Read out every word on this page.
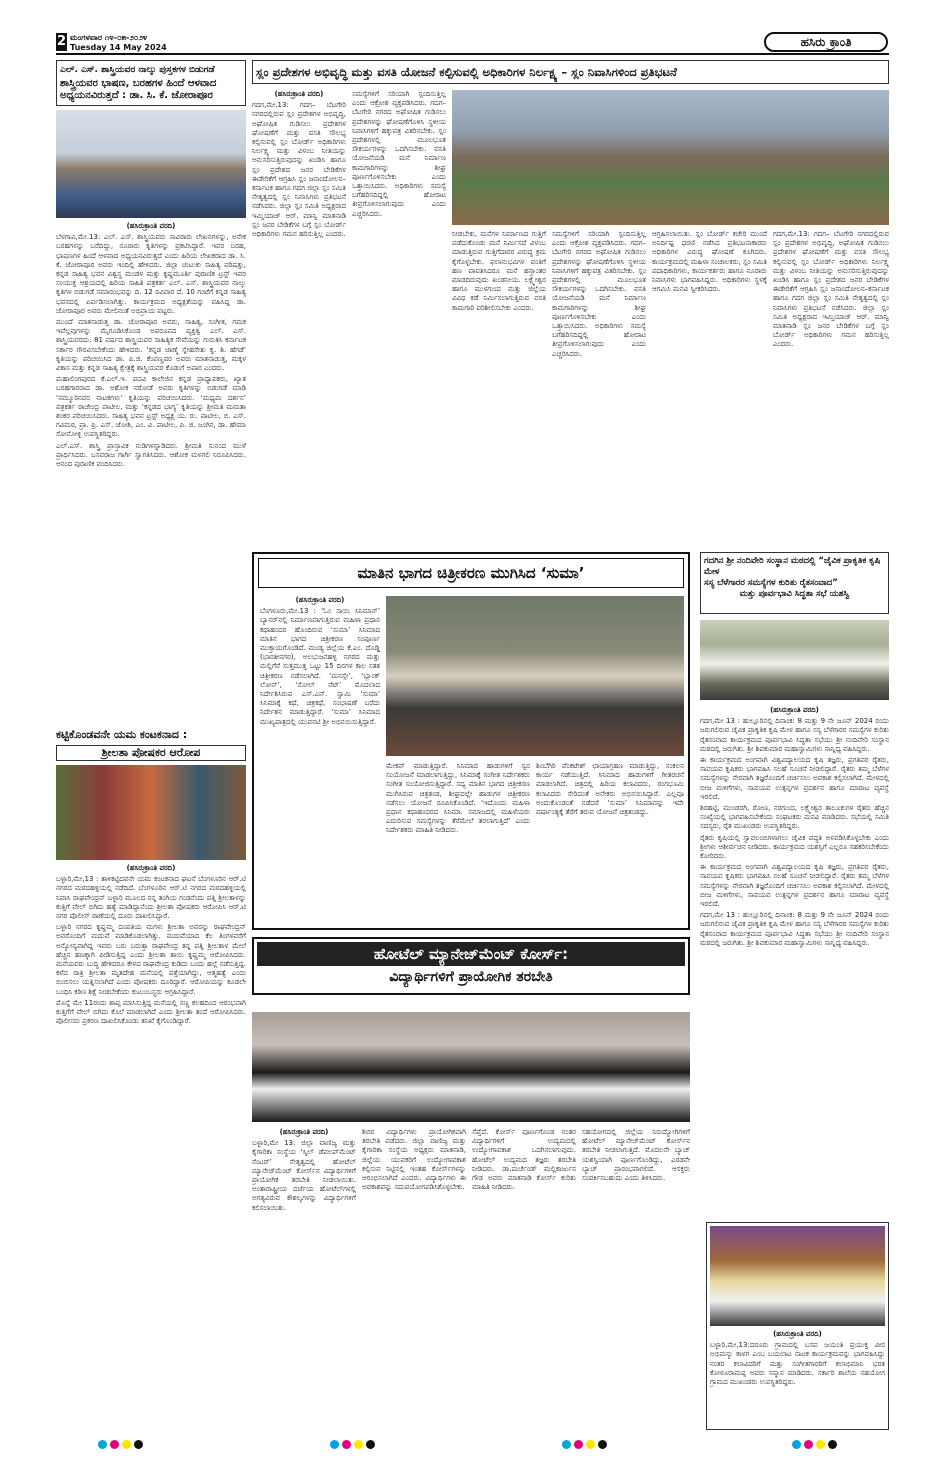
2 ಮಂಗಳವಾರ ೧೪-೦೫-೨೦೨೪
Tuesday 14 May 2024	ಹಸಿರು ಕ್ರಾಂತಿ
ಎಲ್. ಎಸ್. ಶಾಸ್ತ್ರಿಯವರ ನಾಲ್ಕು ಪುಸ್ತಕಗಳ ಬಿಡುಗಡೆ
ಶಾಸ್ತ್ರಿಯವರ ಭಾಷಣ, ಬರಹಗಳ ಹಿಂದೆ ಆಳವಾದ
ಅಧ್ಯಯನವಿರುತ್ತದೆ : ಡಾ. ಸಿ. ಕೆ. ಜೋರಾಪೂರ

(ಹಸಿರುಕ್ರಾಂತಿ ವರದಿ)

ಬೆಳಗಾವಿ,ಮೇ.13: ಎಲ್. ಎಸ್. ಶಾಸ್ತ್ರಿಯವರು ಸಾವಿರಾರು ಲೇಖನಗಳನ್ನು, ಅನೇಕ ಬರಹಗಳನ್ನು ಬರೆದಿದ್ದು, ನೂರಾರು ಕೃತಿಗಳನ್ನು ಪ್ರಕಟಿಸಿದ್ದಾರೆ. ಇವರ ಬರಹ, ಭಾಷಣಗಳ ಹಿಂದೆ ಆಳವಾದ ಅಧ್ಯಯನವಿರುತ್ತದೆ ಎಂದು ಹಿರಿಯ ಲೇಖಕರಾದ ಡಾ. ಸಿ. ಕೆ. ಜೋರಾಪೂರ ಅವರು ಇಂದಿಲ್ಲಿ ಹೇಳಿದರು. ಜಿಲ್ಲಾ ಚುಟುಕು ಸಾಹಿತ್ಯ ಪರಿಷತ್ತು, ಕನ್ನಡ ಸಾಹಿತ್ಯ ಭವನ ವಿಶ್ವಸ್ಥ ಮಂಡಳ ಮತ್ತು ಕೃಷ್ಣಮೂರ್ತಿ ಪುರಾಣಿಕ ಟ್ರಸ್ಟ್ ಇವರ ಸಂಯುಕ್ತ ಆಶ್ರಯದಲ್ಲಿ ಹಿರಿಯ ಸಾಹಿತಿ ಪತ್ರಕರ್ತ ಎಲ್. ಎಸ್. ಶಾಸ್ತ್ರಿಯವರ ನಾಲ್ಕು ಕೃತಿಗಳ ಬಿಡುಗಡೆ ಸಮಾರಂಭವನ್ನು ದಿ. 12 ರವಿವಾರ ದೆ. 10 ಗಂಟೆಗೆ ಕನ್ನಡ ಸಾಹಿತ್ಯ ಭವನದಲ್ಲಿ ಏರ್ಪಡಿಸಲಾಗಿತ್ತು. ಕಾರ್ಯಕ್ರಮದ ಅಧ್ಯಕ್ಷತೆಯನ್ನು ವಹಿಸಿದ್ದ ಡಾ. ಜೋರಾಪೂರ ಅವರು ಮೇಲಿನಂತೆ ಅಭಿಪ್ರಾಯ ಪಟ್ಟರು.

ಮುಂದೆ ಮಾತನಾಡುತ್ತ ಡಾ. ಜೋರಾಪೂರ ಅವರು, ಸಾಹಿತ್ಯ, ಸಂಗೀತ, ಗಮಕ ಇವೆಲ್ಲವುಗಳನ್ನು ಮೈಗೂಡಿಸಿಕೊಂಡ ಅಪರೂಪದ ವ್ಯಕ್ತಿತ್ವ ಎಲ್. ಎಸ್. ಶಾಸ್ತ್ರಿಯವರದು. 81 ವರ್ಷದ ಶಾಸ್ತ್ರಿಯವರ ಸಾಹಿತ್ಯಿಕ ಸೇವೆಯನ್ನು ಗುರುತಿಸಿ ಕರ್ನಾಟಕ ಸರ್ಕಾರ ಗೌರವಿಸಬೇಕೆಂದು ಹೇಳಿದರು. ‘ಕನ್ನಡ ಜಾಣ್ಮೆ ಸ್ನೇಹಸೇತು ಕೃ. ಶಿ. ಹೆಗಡೆ’ ಕೃತಿಯನ್ನು ಪರಿಚಯಿಸಿದ ಡಾ. ಪಿ.ಜಿ. ಕೆಂಪಣ್ಣವರ ಅವರು ಮಾತನಾಡುತ್ತ, ಮಕ್ಕಳ ವಿಕಾಸ ಮತ್ತು ಕನ್ನಡ ಸಾಹಿತ್ಯ ಕ್ಷೇತ್ರಕ್ಕೆ ಶಾಸ್ತ್ರಿಯವರ ಕೊಡುಗೆ ಅಪಾರ ಎಂದರು.

ಮಹಾಲಿಂಗಪುರದ ಕೆ.ಎಲ್.ಇ. ಪದವಿ ಕಾಲೇಜಿನ ಕನ್ನಡ ಪ್ರಾಧ್ಯಾಪಕರು, ಖ್ಯಾತ ಬರಹಗಾರರಾದ ಡಾ. ಅಶೋಕ ನರೋಡೆ ಅವರು ಕೃತಿಗಳನ್ನು ಬಿಡುಗಡೆ ಮಾಡಿ ‘ನಮ್ಮೂರಿನವರ ನಾಟಕಗಳು’ ಕೃತಿಯನ್ನು ಪರಿಚಯಿಸಿದರು. ‘ಮಧ್ಯಮ ದರ್ಶನ’ ಪತ್ರಕರ್ತ ರಾಜೇಂದ್ರ ಪಾಟೀಲ, ಮತ್ತು ‘ಕನ್ನಡದ ಭಾಗ್ಯ’ ಕೃತಿಯನ್ನು ಶ್ರೀಮತಿ ಮಮತಾ ಶಂಕರ ಪರಿಚಯಿಸಿದರು. ಸಾಹಿತ್ಯ ಭವನ ಟ್ರಸ್ಟ್ ಅಧ್ಯಕ್ಷ ಯ. ರು. ಪಾಟೀಲ, ಬಿ. ಎಸ್. ಗವಿಮಠ, ಪ್ರಾ. ಪ್ರಿ. ಎಸ್. ಜೋಶಿ, ಎಂ. ವಿ. ಪಾಟೀಲ, ಪಿ. ಜಿ. ಜಂಗಿನ, ಡಾ. ಹೇಮಾ ಸೋನೋಳ್ಳಿ ಉಪಸ್ಥಿತರಿದ್ದರು.

ಎಲ್.ಎಸ್. ಶಾಸ್ತ್ರಿ ಪ್ರಾಸ್ತಾವಿಕ ನುಡಿಗಳನ್ನಾಡಿದರು. ಶ್ರೀಮತಿ ಸುನಂದ ಮುಳೆ ಪ್ರಾರ್ಥಿಸಿದರು. ಬಸವರಾಜ ಗಾರ್ಗಿ ಸ್ವಾಗತಿಸಿದರು. ಆಶೋಕ ಮಳಗಲಿ ನಿರೂಪಿಸಿದರು. ಆನಂದ ಪುರಾಣಿಕ ವಂದಿಸಿದರು.

ಕಟ್ಟಿಕೊಂಡವನೇ ಯಮ ಕಂಟಕನಾದ :
ಶ್ರೀಲತಾ ಪೋಷಕರ ಆರೋಪ

(ಹಸಿರುಕ್ರಾಂತಿ ವರದಿ)

ಬಳ್ಳಾರಿ,ಮೇ,13 : ತಾಳಿಕಟ್ಟಿದವನೇ ಯಮ ಕಂಟಕನಾದ ಘಟನೆ ಬೆಂಗಳೂರಿನ ಆರ್.ಟಿ ನಗರದ ಮಠದಹಳ್ಳಿಯಲ್ಲಿ ನಡೆದಿದೆ. ಬೆಂಗಳೂರಿನ ಆರ್.ಟಿ ನಗರದ ಮಠದಹಳ್ಳಿಯಲ್ಲಿ ನಿವಾಸಿ ರಾಘವೇಂದ್ರನ್ ಬಳ್ಳಾರಿ ಮೂಲದ ನನ್ನ ತಂಗಿಯ ಗಂಡನೆಂದು ಪತ್ನಿ ಶ್ರೀಲತಾಳನ್ನು ಕುತ್ತಿಗೆ ವೇಲ್ ಬಿಗಿದು ಹತ್ಯೆ ಮಾಡಿದ್ದಾನೆಂದು ಶ್ರೀಲತಾ ಪೋಷಕರು ಆರೋಪಿಸಿ ಆರ್.ಟಿ ನಗರ ಪೊಲೀಸ್ ಠಾಣೆಯಲ್ಲಿ ದೂರು ದಾಖಲಿಸಿದ್ದಾರೆ.

ಬಳ್ಳಾರಿ ನಗರದ ಕೃಷ್ಣಮ್ಮ ದಂಪತಿಯ ಮಗಳು ಶ್ರೀಲತಾ ಅವರನ್ನು ರಾಘವೇಂದ್ರನ್ ಅವರೊಂದಿಗೆ ಮದುವೆ ಮಾಡಿಕೊಡಲಾಗಿತ್ತು. ಮದುವೆಯಾದ ಕೆಲ ತಿಂಗಳವರೆಗೆ ಅನ್ಯೋನ್ಯವಾಗಿದ್ದ ಇವರು ಬರು ಬರುತ್ತಾ ರಾಘವೇಂದ್ರ ತನ್ನ ಪತ್ನಿ ಶ್ರೀಲತಾಳ ಮೇಲೆ ಹೆಚ್ಚಿನ ಹಣಕ್ಕಾಗಿ ಪೀಡಿಸುತ್ತಿದ್ದ ಎಂದು ಶ್ರೀಲತಾ ತಾಯಿ ಕೃಷ್ಣಮ್ಮ ಆರೋಪಿಸಿದರು. ಮನೆಯವರು ಬುದ್ಧಿ ಹೇಳಿದರೂ ಕೇಳದ ರಾಘವೇಂದ್ರ ಕುಡಿದು ಬಂದು ಹಲ್ಲೆ ನಡೆಸುತ್ತಿದ್ದ. ಕಳೆದ ರಾತ್ರಿ ಶ್ರೀಲತಾ ಮೃತದೇಹ ಮನೆಯಲ್ಲಿ ಪತ್ತೆಯಾಗಿದ್ದು, ಆತ್ಮಹತ್ಯೆ ಎಂದು ಬಿಂಬಿಸಲು ಯತ್ನಿಸಲಾಗಿದೆ ಎಂದು ಪೋಷಕರು ದೂರಿದ್ದಾರೆ. ಆರೋಪಿಯನ್ನು ಕೂಡಲೇ ಬಂಧಿಸಿ ಕಠಿಣ ಶಿಕ್ಷೆ ನೀಡಬೇಕೆಂದು ಕುಟುಂಬಸ್ಥರು ಆಗ್ರಹಿಸಿದ್ದಾರೆ.

ಮೊನ್ನೆ ಮೇ 11ರಂದು ಶಾಪ್ಪ ಮಾಸಿಸುತ್ತಿದ್ದ ಮನೆಯಲ್ಲಿ ಸಣ್ಣ ಕಲಹದಿಂದ ಆರಂಭವಾಗಿ ಕುತ್ತಿಗೆಗೆ ವೇಲ್ ಬಿಗಿದು ಕೊಲೆ ಮಾಡಲಾಗಿದೆ ಎಂದು ಶ್ರೀಲತಾ ತಂದೆ ಆರೋಪಿಸಿದರು. ಪೊಲೀಸರು ಪ್ರಕರಣ ದಾಖಲಿಸಿಕೊಂಡು ತನಿಖೆ ಕೈಗೊಂಡಿದ್ದಾರೆ.

ಸ್ಲಂ ಪ್ರದೇಶಗಳ ಅಭಿವೃದ್ಧಿ ಮತ್ತು ವಸತಿ ಯೋಜನೆ ಕಲ್ಪಿಸುವಲ್ಲಿ ಅಧಿಕಾರಿಗಳ ನಿರ್ಲಕ್ಷ್ಯ – ಸ್ಲಂ ನಿವಾಸಿಗಳಿಂದ ಪ್ರತಿಭಟನೆ

(ಹಸಿರುಕ್ರಾಂತಿ ವರದಿ)

ಗದಗ,ಮೇ.13: ಗದಗ– ಬೆಟಗೇರಿ ನಗರದಲ್ಲಿರುವ ಸ್ಲಂ ಪ್ರದೇಶಗಳ ಅಭಿವೃದ್ಧಿ, ಅಘೋಷಿತ ಗುಡಿಸಲು ಪ್ರದೇಶಗಳ ಘೋಷಣೆಗೆ ಮತ್ತು ವಸತಿ ಸೌಲಭ್ಯ ಕಲ್ಪಿಸುವಲ್ಲಿ ಸ್ಲಂ ಬೋರ್ಡ್ ಅಧಿಕಾರಿಗಳು ನಿರ್ಲಕ್ಷ್ಯ ಮತ್ತು ವಿಳಂಬ ನೀತಿಯನ್ನು ಅನುಸರಿಸುತ್ತಿರುವುದನ್ನು ಖಂಡಿಸಿ ಹಾಗೂ ಸ್ಲಂ ಪ್ರದೇಶದ ಜನರ ಬೇಡಿಕೆಗಳ ಈಡೇರಿಕೆಗೆ ಆಗ್ರಹಿಸಿ ಸ್ಲಂ ಜನಾಂದೋಲನ–ಕರ್ನಾಟಕ ಹಾಗೂ ಗದಗ ಜಿಲ್ಲಾ ಸ್ಲಂ ಸಮಿತಿ ನೇತೃತ್ವದಲ್ಲಿ ಸ್ಲಂ ನಿವಾಸಿಗಳು ಪ್ರತಿಭಟನೆ ನಡೆಸಿದರು. ಜಿಲ್ಲಾ ಸ್ಲಂ ಸಮಿತಿ ಅಧ್ಯಕ್ಷರಾದ ಇಮ್ತಿಯಾಜ್ ಆರ್. ಮಾನ್ವಿ ಮಾತನಾಡಿ ಸ್ಲಂ ಜನರ ಬೇಡಿಕೆಗಳ ಬಗ್ಗೆ ಸ್ಲಂ ಬೋರ್ಡ್ ಅಧಿಕಾರಿಗಳು ಗಮನ ಹರಿಸುತ್ತಿಲ್ಲ ಎಂದರು.

ಸಮಸ್ಯೆಗಳಿಗೆ ಸರಿಯಾಗಿ ಸ್ಪಂದಿಸುತ್ತಿಲ್ಲ ಎಂದು ಆಕ್ರೋಶ ವ್ಯಕ್ತಪಡಿಸಿದರು. ಗದಗ–ಬೆಟಗೇರಿ ನಗರದ ಅಘೋಷಿತ ಗುಡಿಸಲು ಪ್ರದೇಶಗಳನ್ನು ಘೋಷಣೆಗೊಳಿಸಿ ಸ್ಥಳೀಯ ನಿವಾಸಿಗಳಿಗೆ ಹಕ್ಕುಪತ್ರ ವಿತರಿಸಬೇಕು. ಸ್ಲಂ ಪ್ರದೇಶಗಳಲ್ಲಿ ಮೂಲಭೂತ ಸೌಕರ್ಯಗಳನ್ನು ಒದಗಿಸಬೇಕು. ವಸತಿ ಯೋಜನೆಯಡಿ ಮನೆ ನಿರ್ಮಾಣ ಕಾಮಗಾರಿಗಳನ್ನು ಶೀಘ್ರ ಪೂರ್ಣಗೊಳಿಸಬೇಕು ಎಂದು ಒತ್ತಾಯಿಸಿದರು. ಅಧಿಕಾರಿಗಳು ಸಮಸ್ಯೆ ಬಗೆಹರಿಸದಿದ್ದಲ್ಲಿ ಹೋರಾಟ ತೀವ್ರಗೊಳಿಸಲಾಗುವುದು ಎಂದು ಎಚ್ಚರಿಸಿದರು.

ನೀಡಬೇಕು, ಮನೆಗಳ ನಿರ್ಮಾಣದ ಗುತ್ತಿಗೆ ಪಡೆದುಕೊಂಡು ಮನೆ ನಿರ್ಮಿಸದೆ ವಿಳಂಬ ಮಾಡುತ್ತಿರುವ ಗುತ್ತಿಗೆದಾರರ ವಿರುದ್ಧ ಕ್ರಮ ಕೈಗೊಳ್ಳಬೇಕು. ಫಲಾನುಭವಿಗಳ ವಂತಿಗೆ ಹಣ ಪಾವತಿಸಿದರೂ ಮನೆ ಹಸ್ತಾಂತರ ಮಾಡದಿರುವುದು ಖಂಡನೀಯ. ಲಕ್ಷ್ಮೇಶ್ವರ ಹಾಗೂ ಮುಳಗುಂದ ಮತ್ತು ಜಿಲ್ಲೆಯ ವಿವಿಧ ಕಡೆ ನಿರ್ಮಿಸಲಾಗುತ್ತಿರುವ ವಸತಿ ಕಾಮಗಾರಿ ಪರಿಶೀಲಿಸಬೇಕು ಎಂದರು.

ಸಮಸ್ಯೆಗಳಿಗೆ ಸರಿಯಾಗಿ ಸ್ಪಂದಿಸುತ್ತಿಲ್ಲ ಎಂದು ಆಕ್ರೋಶ ವ್ಯಕ್ತಪಡಿಸಿದರು. ಗದಗ–ಬೆಟಗೇರಿ ನಗರದ ಅಘೋಷಿತ ಗುಡಿಸಲು ಪ್ರದೇಶಗಳನ್ನು ಘೋಷಣೆಗೊಳಿಸಿ ಸ್ಥಳೀಯ ನಿವಾಸಿಗಳಿಗೆ ಹಕ್ಕುಪತ್ರ ವಿತರಿಸಬೇಕು. ಸ್ಲಂ ಪ್ರದೇಶಗಳಲ್ಲಿ ಮೂಲಭೂತ ಸೌಕರ್ಯಗಳನ್ನು ಒದಗಿಸಬೇಕು. ವಸತಿ ಯೋಜನೆಯಡಿ ಮನೆ ನಿರ್ಮಾಣ ಕಾಮಗಾರಿಗಳನ್ನು ಶೀಘ್ರ ಪೂರ್ಣಗೊಳಿಸಬೇಕು ಎಂದು ಒತ್ತಾಯಿಸಿದರು. ಅಧಿಕಾರಿಗಳು ಸಮಸ್ಯೆ ಬಗೆಹರಿಸದಿದ್ದಲ್ಲಿ ಹೋರಾಟ ತೀವ್ರಗೊಳಿಸಲಾಗುವುದು ಎಂದು ಎಚ್ಚರಿಸಿದರು.

ಆಗ್ರಹಿಸಲಾಯಿತು. ಸ್ಲಂ ಬೋರ್ಡ್ ಕಚೇರಿ ಮುಂದೆ ಅನಿರ್ದಿಷ್ಟ ಧರಣಿ ನಡೆಸಿದ ಪ್ರತಿಭಟನಾಕಾರರು ಅಧಿಕಾರಿಗಳ ವಿರುದ್ಧ ಘೋಷಣೆ ಕೂಗಿದರು. ಕಾರ್ಯಕ್ರಮದಲ್ಲಿ ಮಹಿಳಾ ಸಂಚಾಲಕರು, ಸ್ಲಂ ಸಮಿತಿ ಪದಾಧಿಕಾರಿಗಳು, ಕಾರ್ಯಕರ್ತರು ಹಾಗೂ ನೂರಾರು ನಿವಾಸಿಗಳು ಭಾಗವಹಿಸಿದ್ದರು. ಅಧಿಕಾರಿಗಳು ಸ್ಥಳಕ್ಕೆ ಆಗಮಿಸಿ ಮನವಿ ಸ್ವೀಕರಿಸಿದರು.

ಗದಗ,ಮೇ.13: ಗದಗ– ಬೆಟಗೇರಿ ನಗರದಲ್ಲಿರುವ ಸ್ಲಂ ಪ್ರದೇಶಗಳ ಅಭಿವೃದ್ಧಿ, ಅಘೋಷಿತ ಗುಡಿಸಲು ಪ್ರದೇಶಗಳ ಘೋಷಣೆಗೆ ಮತ್ತು ವಸತಿ ಸೌಲಭ್ಯ ಕಲ್ಪಿಸುವಲ್ಲಿ ಸ್ಲಂ ಬೋರ್ಡ್ ಅಧಿಕಾರಿಗಳು ನಿರ್ಲಕ್ಷ್ಯ ಮತ್ತು ವಿಳಂಬ ನೀತಿಯನ್ನು ಅನುಸರಿಸುತ್ತಿರುವುದನ್ನು ಖಂಡಿಸಿ ಹಾಗೂ ಸ್ಲಂ ಪ್ರದೇಶದ ಜನರ ಬೇಡಿಕೆಗಳ ಈಡೇರಿಕೆಗೆ ಆಗ್ರಹಿಸಿ ಸ್ಲಂ ಜನಾಂದೋಲನ–ಕರ್ನಾಟಕ ಹಾಗೂ ಗದಗ ಜಿಲ್ಲಾ ಸ್ಲಂ ಸಮಿತಿ ನೇತೃತ್ವದಲ್ಲಿ ಸ್ಲಂ ನಿವಾಸಿಗಳು ಪ್ರತಿಭಟನೆ ನಡೆಸಿದರು. ಜಿಲ್ಲಾ ಸ್ಲಂ ಸಮಿತಿ ಅಧ್ಯಕ್ಷರಾದ ಇಮ್ತಿಯಾಜ್ ಆರ್. ಮಾನ್ವಿ ಮಾತನಾಡಿ ಸ್ಲಂ ಜನರ ಬೇಡಿಕೆಗಳ ಬಗ್ಗೆ ಸ್ಲಂ ಬೋರ್ಡ್ ಅಧಿಕಾರಿಗಳು ಗಮನ ಹರಿಸುತ್ತಿಲ್ಲ ಎಂದರು.

ಮಾತಿನ ಭಾಗದ ಚಿತ್ರೀಕರಣ ಮುಗಿಸಿದ ‘ಸುಮಾ’

(ಹಸಿರುಕ್ರಾಂತಿ ವರದಿ)

ಬೆಂಗಳೂರು,ಮೇ.13 : ‘ಓಂ ಸಾಯಿ ಸಿನಿಮಾಸ್’ ಬ್ಯಾನರ್‌ನಲ್ಲಿ ನಿರ್ಮಾಣವಾಗುತ್ತಿರುವ ಮಹಿಳಾ ಪ್ರಧಾನ ಕಥಾಹಂದರ ಹೊಂದಿರುವ ‘ಸುಮಾ’ ಸಿನಿಮಾದ ಮಾತಿನ ಭಾಗದ ಚಿತ್ರೀಕರಣ ಸಂಪೂರ್ಣ ಮುಕ್ತಾಯಗೊಂಡಿದೆ. ಮಂಡ್ಯ ಜಿಲ್ಲೆಯ ಕೆ.ಎಂ. ದೊಡ್ಡಿ (ಭಾರತೀನಗರ), ಅಲಭುಜನಹಳ್ಳಿ ನಗರದ ಮತ್ತು ಮಲ್ಲಿಗೆರೆ ಸುತ್ತಮುತ್ತ ಒಟ್ಟು 15 ದಿನಗಳ ಕಾಲ ಸತತ ಚಿತ್ರೀಕರಣ ನಡೆಸಲಾಗಿದೆ. ‘ಮನಸ್ಸೇ’, ‘ಬ್ಲಾಂಕ್ ಲೋನ್’, ‘ಸೋಲ್ ನೆಟ್’ ಮೊದಲಾದ ನಿರ್ದೇಶಿಸಿರುವ ಎಸ್.ಎನ್. ಸ್ವಾಮಿ ‘ಸುಮಾ’ ಸಿನಿಮಾಕ್ಕೆ ಕಥೆ, ಚಿತ್ರಕಥೆ, ಸಂಭಾಷಣೆ ಬರೆದು ನಿರ್ದೇಶನ ಮಾಡುತ್ತಿದ್ದಾರೆ. ‘ಸುಮಾ’ ಸಿನಿಮಾದ ಮುಖ್ಯಪಾತ್ರದಲ್ಲಿ ಯುವನಟಿ ಶ್ರೀ ಅಭಿನಯಿಸುತ್ತಿದ್ದಾರೆ.

ಮೇಕಪ್ ಮಾಡುತ್ತಿದ್ದಾರೆ. ಸಿನಿಮಾದ ಹಾಡುಗಳಿಗೆ ಸ್ವರ ಸಂಯೋಜನೆ ಮಾಡಲಾಗುತ್ತಿದ್ದು, ಸಿನಿಮಾಕ್ಕೆ ಸಂಗೀತ ನಿರ್ದೇಶಕರು ಸಂಗೀತ ಸಂಯೋಜಿಸುತ್ತಿದ್ದಾರೆ. ಸದ್ಯ ಮಾತಿನ ಭಾಗದ ಚಿತ್ರೀಕರಣ ಮುಗಿಸಿರುವ ಚಿತ್ರತಂಡ, ಶೀಘ್ರದಲ್ಲೇ ಹಾಡುಗಳ ಚಿತ್ರೀಕರಣ ನಡೆಸಲು ಯೋಜನೆ ರೂಪಿಸಿಕೊಂಡಿದೆ. ‘ಇದೊಂದು ಮಹಿಳಾ ಪ್ರಧಾನ ಕಥಾಹಂದರದ ಸಿನಿಮಾ. ಸಮಾಜದಲ್ಲಿ ಮಹಿಳೆಯರು ಎದುರಿಸುವ ಸಮಸ್ಯೆಗಳನ್ನು ತೆರೆಮೇಲೆ ತರಲಾಗುತ್ತಿದೆ’ ಎಂದು ನಿರ್ದೇಶಕರು ಮಾಹಿತಿ ನೀಡಿದರು.

ಶಿಂಬೆಗಿರಿ ವೆಂಕಟೇಶ್ ಛಾಯಾಗ್ರಹಣ ಮಾಡುತ್ತಿದ್ದು, ಸಂಕಲನ ಕಾರ್ಯ ನಡೆಯುತ್ತಿದೆ. ಸಿನಿಮಾದ ಹಾಡುಗಳಿಗೆ ಗೀತರಚನೆ ಮಾಡಲಾಗಿದೆ. ಚಿತ್ರದಲ್ಲಿ ಹಿರಿಯ ಕಲಾವಿದರು, ರಂಗಭೂಮಿ ಕಲಾವಿದರು ಸೇರಿದಂತೆ ಅನೇಕರು ಅಭಿನಯಿಸಿದ್ದಾರೆ. ಎಲ್ಲವೂ ಅಂದುಕೊಂಡಂತೆ ನಡೆದರೆ ‘ಸುಮಾ’ ಸಿನಿಮಾವನ್ನು ಇದೇ ವರ್ಷಾಂತ್ಯಕ್ಕೆ ತೆರೆಗೆ ತರುವ ಯೋಜನೆ ಚಿತ್ರತಂಡದ್ದು.

ಗದಗಿನ ಶ್ರೀ ನಂದಿವೇರಿ ಸಂಸ್ಥಾನ ಮಠದಲ್ಲಿ “ಜೈವಿಕ ಪ್ರಾಕೃತಿಕ ಕೃಷಿ ಮೇಳ
ಸಸ್ಯ ಬೆಳೆಗಾರರ ಸಮಸ್ಯೆಗಳ ಕುರಿತು ರೈತಸಂವಾದ”
ಮತ್ತು ಪೂರ್ವಭಾವಿ ಸಿದ್ಧತಾ ಸಭೆ ಯಶಸ್ವಿ

(ಹಸಿರುಕ್ರಾಂತಿ ವರದಿ)

ಗದಗ,ಮೇ 13 : ಹುಲ್ಲೂರಿನಲ್ಲಿ ದಿನಾಂಕ: 8 ಮತ್ತು 9 ನೇ ಜೂನ್ 2024 ರಂದು ಜರುಗಲಿರುವ ಜೈವಿಕ ಪ್ರಾಕೃತಿಕ ಕೃಷಿ ಮೇಳ ಹಾಗೂ ಸಸ್ಯ ಬೆಳೆಗಾರರ ಸಮಸ್ಯೆಗಳ ಕುರಿತು ರೈತಸಂವಾದ ಕಾರ್ಯಕ್ರಮದ ಪೂರ್ವಭಾವಿ ಸಿದ್ಧತಾ ಸಭೆಯು ಶ್ರೀ ನಂದಿವೇರಿ ಸಂಸ್ಥಾನ ಮಠದಲ್ಲಿ ಜರುಗಿತು. ಶ್ರೀ ಶಿವಕುಮಾರ ಮಹಾಸ್ವಾಮಿಗಳು ಸಾನ್ನಿಧ್ಯ ವಹಿಸಿದ್ದರು.

ಈ ಕಾರ್ಯಕ್ರಮದ ಅಂಗವಾಗಿ ವಿಶ್ವವಿದ್ಯಾಲಯದ ಕೃಷಿ ತಜ್ಞರು, ಪ್ರಗತಿಪರ ರೈತರು, ಸಾವಯವ ಕೃಷಿಕರು ಭಾಗವಹಿಸಿ ಸಲಹೆ ಸೂಚನೆ ನೀಡಲಿದ್ದಾರೆ. ರೈತರು ತಮ್ಮ ಬೆಳೆಗಳ ಸಮಸ್ಯೆಗಳನ್ನು ನೇರವಾಗಿ ತಜ್ಞರೊಂದಿಗೆ ಚರ್ಚಿಸಲು ಅವಕಾಶ ಕಲ್ಪಿಸಲಾಗಿದೆ. ಮೇಳದಲ್ಲಿ ಬೀಜ ಮಳಿಗೆಗಳು, ಸಾವಯವ ಉತ್ಪನ್ನಗಳ ಪ್ರದರ್ಶನ ಹಾಗೂ ಮಾರಾಟ ವ್ಯವಸ್ಥೆ ಇರಲಿದೆ.

ಶಿರಹಟ್ಟಿ, ಮುಂಡರಗಿ, ರೋಣ, ನರಗುಂದ, ಲಕ್ಷ್ಮೇಶ್ವರ ತಾಲೂಕುಗಳ ರೈತರು ಹೆಚ್ಚಿನ ಸಂಖ್ಯೆಯಲ್ಲಿ ಭಾಗವಹಿಸಬೇಕೆಂದು ಸಂಘಟಕರು ಮನವಿ ಮಾಡಿದರು. ಸಭೆಯಲ್ಲಿ ಸಮಿತಿ ಸದಸ್ಯರು, ರೈತ ಮುಖಂಡರು ಉಪಸ್ಥಿತರಿದ್ದರು.

ರೈತರು ಕೃಷಿಯಲ್ಲಿ ಸ್ವಾವಲಂಬಿಗಳಾಗಲು ಜೈವಿಕ ಪದ್ಧತಿ ಅಳವಡಿಸಿಕೊಳ್ಳಬೇಕು ಎಂದು ಶ್ರೀಗಳು ಆಶೀರ್ವಚನ ನೀಡಿದರು. ಕಾರ್ಯಕ್ರಮದ ಯಶಸ್ಸಿಗೆ ಎಲ್ಲರೂ ಸಹಕರಿಸಬೇಕೆಂದು ಕೋರಿದರು.

ಈ ಕಾರ್ಯಕ್ರಮದ ಅಂಗವಾಗಿ ವಿಶ್ವವಿದ್ಯಾಲಯದ ಕೃಷಿ ತಜ್ಞರು, ಪ್ರಗತಿಪರ ರೈತರು, ಸಾವಯವ ಕೃಷಿಕರು ಭಾಗವಹಿಸಿ ಸಲಹೆ ಸೂಚನೆ ನೀಡಲಿದ್ದಾರೆ. ರೈತರು ತಮ್ಮ ಬೆಳೆಗಳ ಸಮಸ್ಯೆಗಳನ್ನು ನೇರವಾಗಿ ತಜ್ಞರೊಂದಿಗೆ ಚರ್ಚಿಸಲು ಅವಕಾಶ ಕಲ್ಪಿಸಲಾಗಿದೆ. ಮೇಳದಲ್ಲಿ ಬೀಜ ಮಳಿಗೆಗಳು, ಸಾವಯವ ಉತ್ಪನ್ನಗಳ ಪ್ರದರ್ಶನ ಹಾಗೂ ಮಾರಾಟ ವ್ಯವಸ್ಥೆ ಇರಲಿದೆ.

ಗದಗ,ಮೇ 13 : ಹುಲ್ಲೂರಿನಲ್ಲಿ ದಿನಾಂಕ: 8 ಮತ್ತು 9 ನೇ ಜೂನ್ 2024 ರಂದು ಜರುಗಲಿರುವ ಜೈವಿಕ ಪ್ರಾಕೃತಿಕ ಕೃಷಿ ಮೇಳ ಹಾಗೂ ಸಸ್ಯ ಬೆಳೆಗಾರರ ಸಮಸ್ಯೆಗಳ ಕುರಿತು ರೈತಸಂವಾದ ಕಾರ್ಯಕ್ರಮದ ಪೂರ್ವಭಾವಿ ಸಿದ್ಧತಾ ಸಭೆಯು ಶ್ರೀ ನಂದಿವೇರಿ ಸಂಸ್ಥಾನ ಮಠದಲ್ಲಿ ಜರುಗಿತು. ಶ್ರೀ ಶಿವಕುಮಾರ ಮಹಾಸ್ವಾಮಿಗಳು ಸಾನ್ನಿಧ್ಯ ವಹಿಸಿದ್ದರು.

ಹೋಟೆಲ್ ಮ್ಯಾನೇಜ್‌ಮೆಂಟ್ ಕೋರ್ಸ್:
ವಿದ್ಯಾರ್ಥಿಗಳಿಗೆ ಪ್ರಾಯೋಗಿಕ ತರಬೇತಿ

(ಹಸಿರುಕ್ರಾಂತಿ ವರದಿ)

ಬಳ್ಳಾರಿ,ಮೇ 13: ಜಿಲ್ಲಾ ವಾಣಿಜ್ಯ ಮತ್ತು ಕೈಗಾರಿಕಾ ಸಂಸ್ಥೆಯ ‘ಸ್ಕಿಲ್ ಡೆವಲಪ್‌ಮೆಂಟ್ ಸೆಂಟರ್’ ನೇತೃತ್ವದಲ್ಲಿ ಹೋಟೆಲ್ ಮ್ಯಾನೇಜ್‌ಮೆಂಟ್ ಕೋರ್ಸ್‌ನ ವಿದ್ಯಾರ್ಥಿಗಳಿಗೆ ಪ್ರಾಯೋಗಿಕ ತರಬೇತಿ ನೀಡಲಾಯಿತು. ಅಂತಾರಾಷ್ಟ್ರೀಯ ದರ್ಜೆಯ ಹೋಟೆಲ್‌ಗಳಲ್ಲಿ ಅಗತ್ಯವಿರುವ ಕೌಶಲ್ಯಗಳನ್ನು ವಿದ್ಯಾರ್ಥಿಗಳಿಗೆ ಕಲಿಸಲಾಯಿತು.

ಶಿಬಿರ ವಿದ್ಯಾರ್ಥಿಗಳು ಪ್ರಾಯೋಗಿಕವಾಗಿ ತರಬೇತಿ ಪಡೆದರು. ಜಿಲ್ಲಾ ವಾಣಿಜ್ಯ ಮತ್ತು ಕೈಗಾರಿಕಾ ಸಂಸ್ಥೆಯ ಅಧ್ಯಕ್ಷರು ಮಾತನಾಡಿ, ಜಿಲ್ಲೆಯ ಯುವಕರಿಗೆ ಉದ್ಯೋಗಾವಕಾಶ ಕಲ್ಪಿಸುವ ನಿಟ್ಟಿನಲ್ಲಿ ಇಂತಹ ಕೋರ್ಸ್‌ಗಳನ್ನು ಆರಂಭಿಸಲಾಗಿದೆ ಎಂದರು. ವಿದ್ಯಾರ್ಥಿಗಳು ಈ ಅವಕಾಶವನ್ನು ಸದುಪಯೋಗಪಡಿಸಿಕೊಳ್ಳಬೇಕು.

ಸೆಪ್ತೆದೆ. ಕೋರ್ಸ್ ಪೂರ್ಣಗೊಂಡ ನಂತರ ವಿದ್ಯಾರ್ಥಿಗಳಿಗೆ ಉದ್ಯಮದಲ್ಲಿ ಉದ್ಯೋಗಾವಕಾಶ ಒದಗಿಸಲಾಗುವುದು. ಹೋಟೆಲ್ ಉದ್ಯಮದ ತಜ್ಞರು ತರಬೇತಿ ನೀಡಿದರು. ಡಾ.ಮರ್ಚೆಂಡ್ ಮಲ್ಲಿಕಾರ್ಜುನ ಗೌಡ ಅವರು ಮಾತನಾಡಿ ಕೋರ್ಸ್ ಕುರಿತು ಮಾಹಿತಿ ನೀಡಿದರು.

ಸಹಯೋಗದಲ್ಲಿ ಜಿಲ್ಲೆಯ ನಿರುದ್ಯೋಗಿಗಳಿಗೆ ಹೋಟೆಲ್ ಮ್ಯಾನೇಜ್‌ಮೆಂಟ್ ಕೋರ್ಸ್‌ನ ತರಬೇತಿ ನೀಡಲಾಗುತ್ತಿದೆ. ಮೊದಲನೇ ಬ್ಯಾಚ್ ಯಶಸ್ವಿಯಾಗಿ ಪೂರ್ಣಗೊಂಡಿದ್ದು, ಎರಡನೇ ಬ್ಯಾಚ್ ಪ್ರಾರಂಭವಾಗಲಿದೆ. ಆಸಕ್ತರು ಸಂಪರ್ಕಿಸಬಹುದು ಎಂದು ತಿಳಿಸಿದರು.

(ಹಸಿರುಕ್ರಾಂತಿ ವರದಿ)

ಬಳ್ಳಾರಿ,ಮೇ,13:ದರೂರು ಗ್ರಾಮದಲ್ಲಿ ಬಸವ ಜಯಂತಿ ಪ್ರಯುಕ್ತ ವೀರ ಅಭಿಮನ್ಯು ಕಾಳಗ ಎಂಬ ಬಯಲಾಟ ನಾಟಕ ಕಾರ್ಯಕ್ರಮವನ್ನು ಭಾಗವಹಿಸಿದ್ದು ನಂತರ ಕಲಾವಿದರಿಗೆ ಮತ್ತು ಸಂಗೀತಗಾರರಿಗೆ ಕಲಾಭಿಮಾನಿ ಭರತ ಕೋಳೂರಾಮಪ್ಪ ಅವರು ಸನ್ಮಾನ ಮಾಡಿದರು. ಸರ್ಕಾರಿ ಶಾಲೆಯ ಸಹಯೋಗ ಗ್ರಾಮದ ಮುಖಂಡರು ಉಪಸ್ಥಿತರಿದ್ದರು.
